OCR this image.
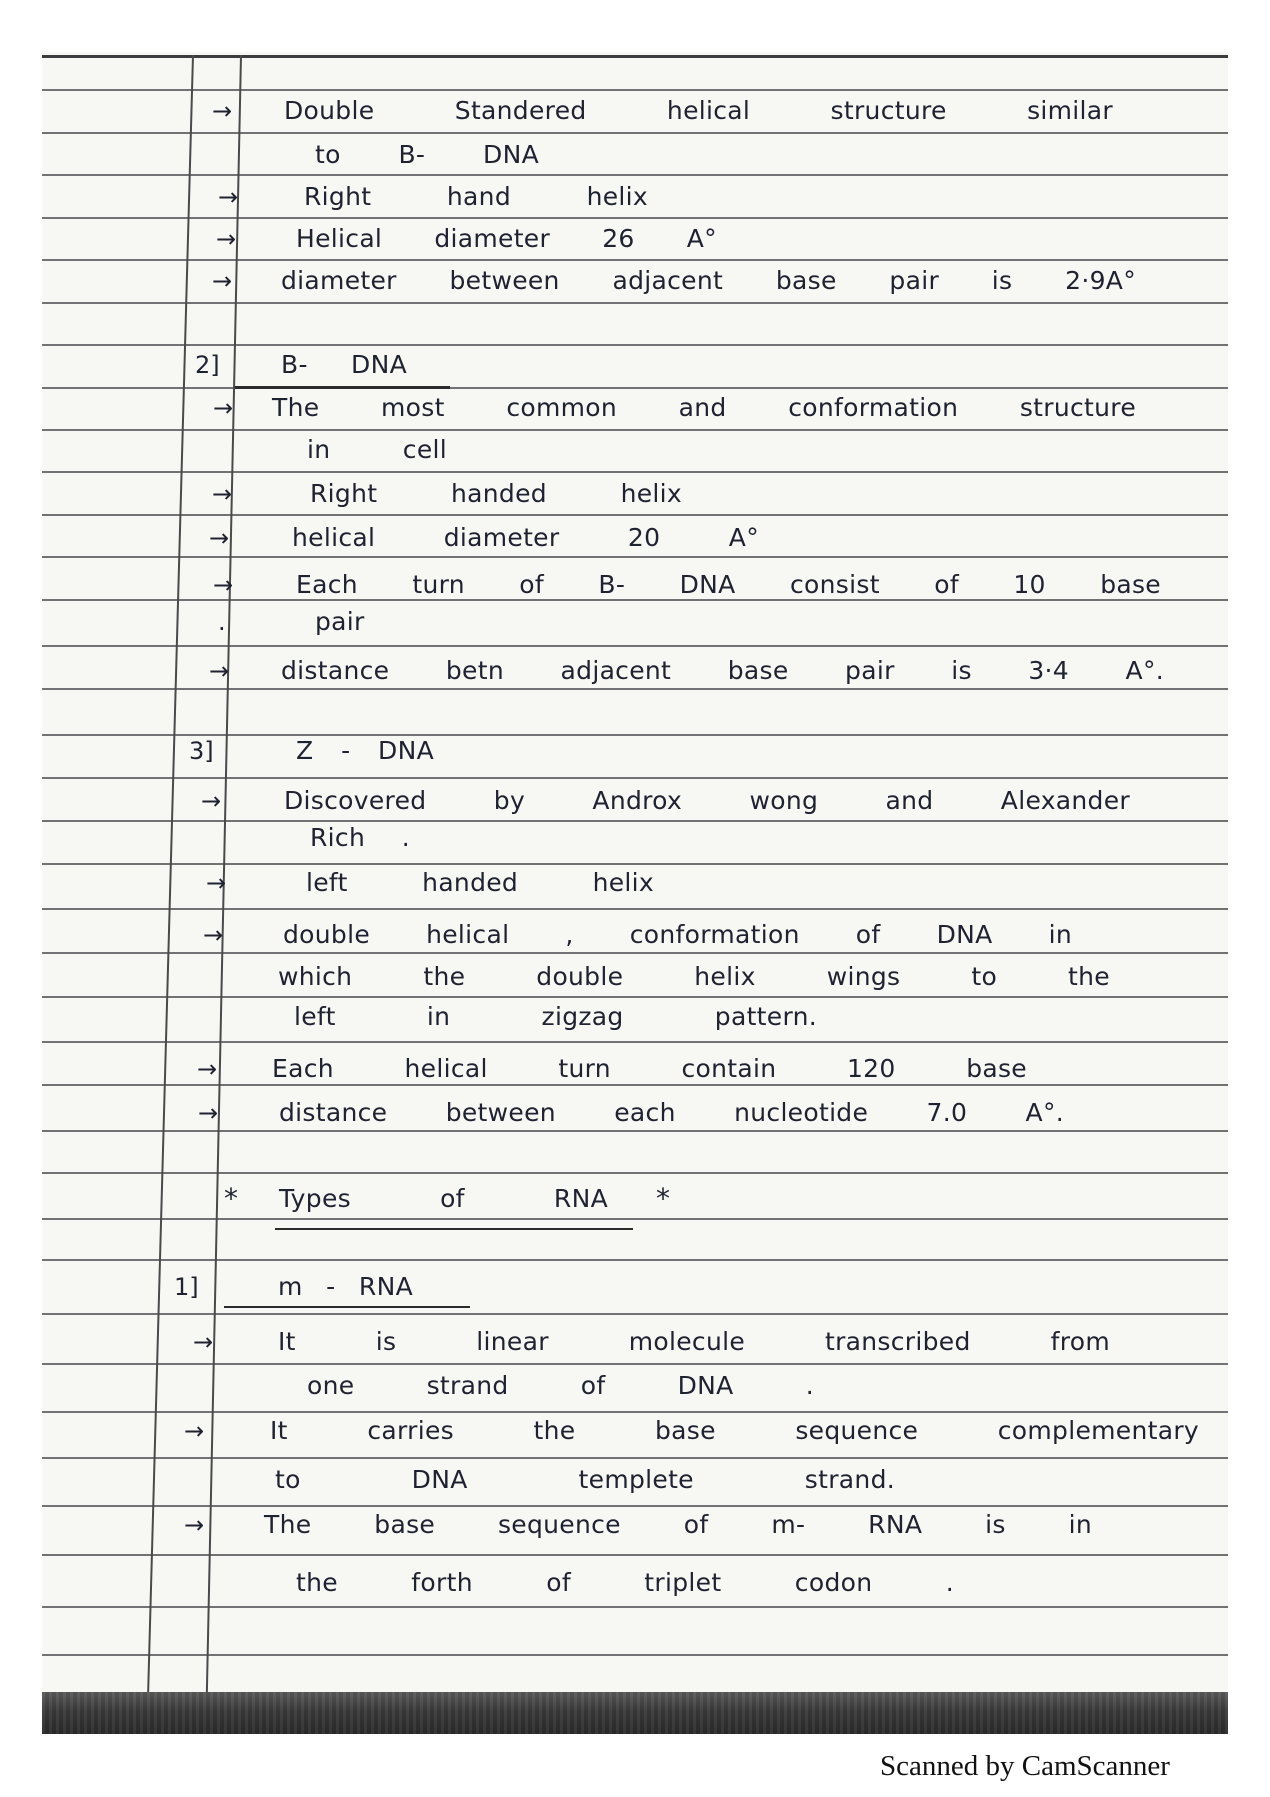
→ Double Standered helical structure similar
to B- DNA
→	Right hand helix
→ Helical diameter 26 A°
→ diameter between adjacent base pair is 2·9A°
2] B- DNA
→ The most common and conformation structure
in cell
→	Right handed helix
→	helical diameter 20 A°
→	Each turn of B- DNA consist of 10 base
.	pair
→ distance betn adjacent base pair is 3·4 A°.
3]	Z - DNA
→	Discovered by Androx wong and Alexander
Rich .
→	left handed helix
→ double helical , conformation of DNA in
which the double helix wings to the
left in zigzag pattern.
→ Each helical turn contain 120 base
→ distance between each nucleotide 7.0 A°.
* Types of RNA *
1]	m - RNA
→	It is linear molecule transcribed from
one strand of DNA .
→	It carries the base sequence complementary
to DNA templete strand.
→ The base sequence of m- RNA is in
the forth of triplet codon .
Scanned by CamScanner
